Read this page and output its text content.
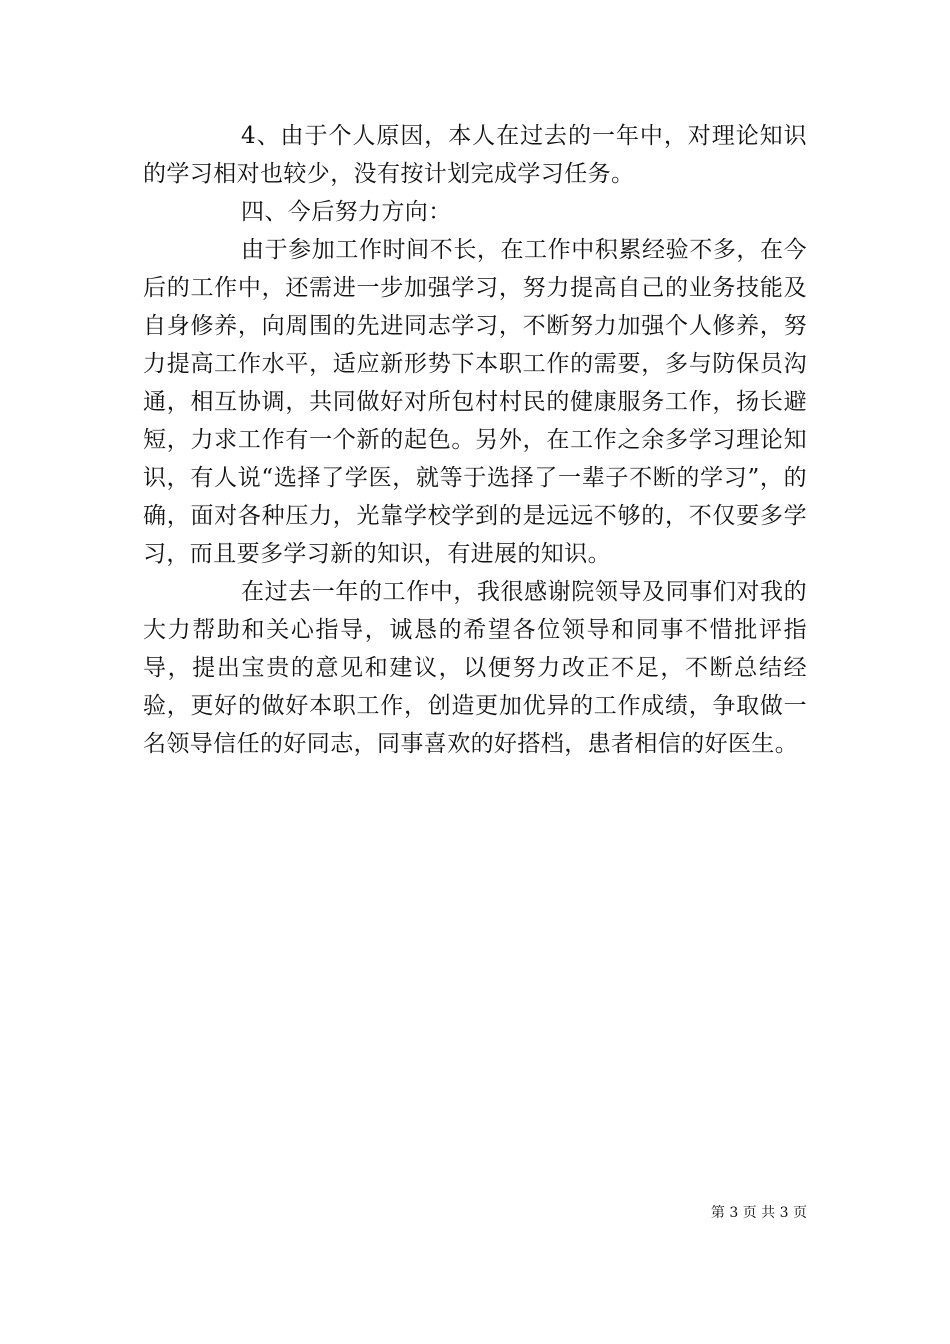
4、由于个人原因，本人在过去的一年中，对理论知识的学习相对也较少，没有按计划完成学习任务。

四、今后努力方向：

由于参加工作时间不长，在工作中积累经验不多，在今后的工作中，还需进一步加强学习，努力提高自己的业务技能及自身修养，向周围的先进同志学习，不断努力加强个人修养，努力提高工作水平，适应新形势下本职工作的需要，多与防保员沟通，相互协调，共同做好对所包村村民的健康服务工作，扬长避短，力求工作有一个新的起色。另外，在工作之余多学习理论知识，有人说“选择了学医，就等于选择了一辈子不断的学习”，的确，面对各种压力，光靠学校学到的是远远不够的，不仅要多学习，而且要多学习新的知识，有进展的知识。

在过去一年的工作中，我很感谢院领导及同事们对我的大力帮助和关心指导，诚恳的希望各位领导和同事不惜批评指导，提出宝贵的意见和建议，以便努力改正不足，不断总结经验，更好的做好本职工作，创造更加优异的工作成绩，争取做一名领导信任的好同志，同事喜欢的好搭档，患者相信的好医生。

第 3 页 共 3 页
